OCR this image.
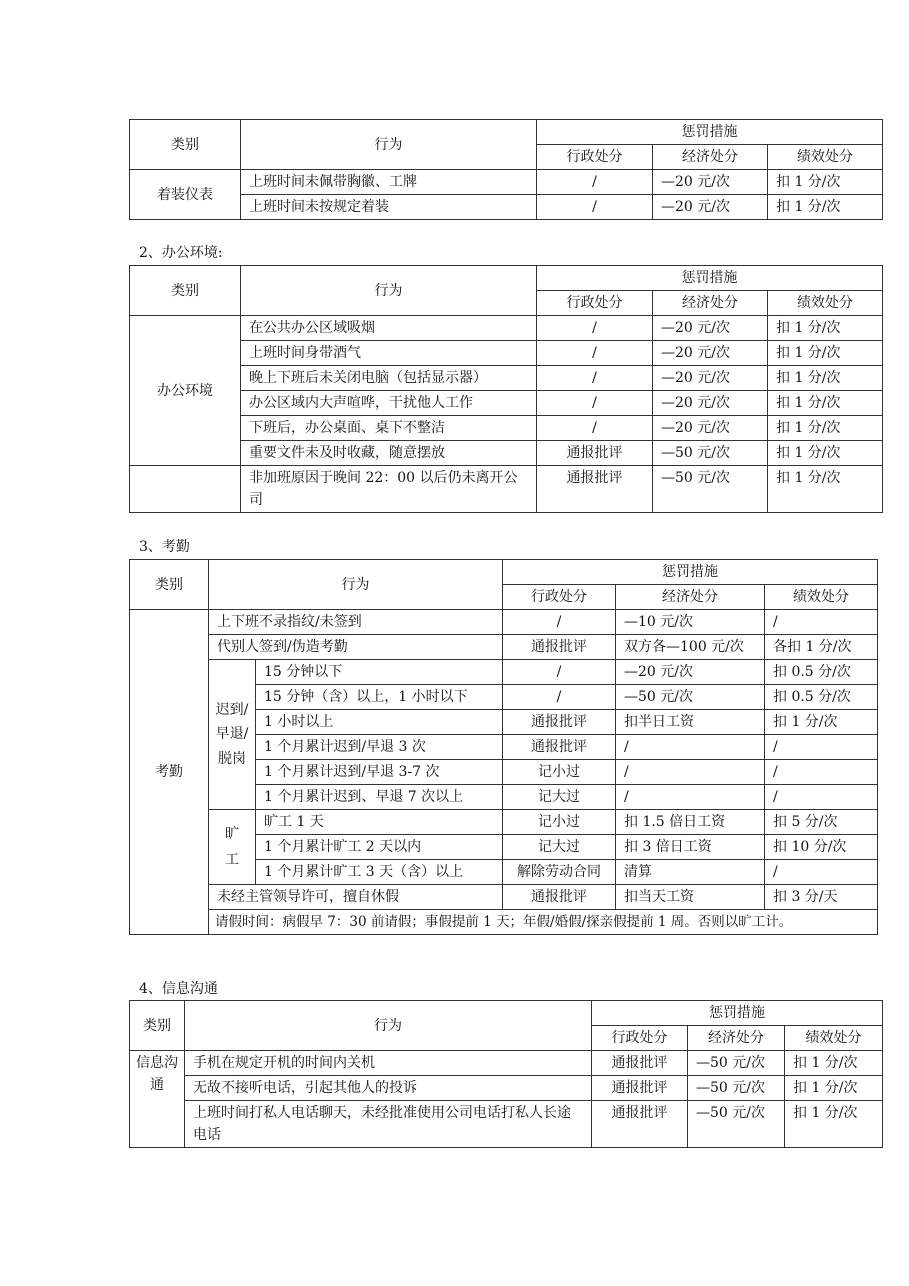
类别	行为	惩罚措施		
		行政处分	经济处分	绩效处分
着装仪表	上班时间未佩带胸徽、工牌	/	—20 元/次	扣 1 分/次
	上班时间未按规定着装	/	—20 元/次	扣 1 分/次
2、办公环境:
类别	行为	惩罚措施		
		行政处分	经济处分	绩效处分
办公环境	在公共办公区域吸烟	/	—20 元/次	扣 1 分/次
	上班时间身带酒气	/	—20 元/次	扣 1 分/次
	晚上下班后未关闭电脑（包括显示器）	/	—20 元/次	扣 1 分/次
	办公区域内大声喧哗，干扰他人工作	/	—20 元/次	扣 1 分/次
	下班后，办公桌面、桌下不整洁	/	—20 元/次	扣 1 分/次
	重要文件未及时收藏，随意摆放	通报批评	—50 元/次	扣 1 分/次
	非加班原因于晚间 22：00 以后仍未离开公司	通报批评	—50 元/次	扣 1 分/次
3、考勤
类别	行为		惩罚措施		
			行政处分	经济处分	绩效处分
考勤	上下班不录指纹/未签到		/	—10 元/次	/
	代别人签到/伪造考勤		通报批评	双方各—100 元/次	各扣 1 分/次
	迟到/早退/脱岗	15 分钟以下	/	—20 元/次	扣 0.5 分/次
		15 分钟（含）以上，1 小时以下	/	—50 元/次	扣 0.5 分/次
		1 小时以上	通报批评	扣半日工资	扣 1 分/次
		1 个月累计迟到/早退 3 次	通报批评	/	/
		1 个月累计迟到/早退 3-7 次	记小过	/	/
		1 个月累计迟到、早退 7 次以上	记大过	/	/
	旷工	旷工 1 天	记小过	扣 1.5 倍日工资	扣 5 分/次
		1 个月累计旷工 2 天以内	记大过	扣 3 倍日工资	扣 10 分/次
		1 个月累计旷工 3 天（含）以上	解除劳动合同	清算	/
	未经主管领导许可，擅自休假		通报批评	扣当天工资	扣 3 分/天
	请假时间：病假早 7：30 前请假；事假提前 1 天；年假/婚假/探亲假提前 1 周。否则以旷工计。				
4、信息沟通
类别	行为	惩罚措施		
		行政处分	经济处分	绩效处分
信息沟通	手机在规定开机的时间内关机	通报批评	—50 元/次	扣 1 分/次
	无故不接听电话，引起其他人的投诉	通报批评	—50 元/次	扣 1 分/次
	上班时间打私人电话聊天，未经批准使用公司电话打私人长途电话	通报批评	—50 元/次	扣 1 分/次
